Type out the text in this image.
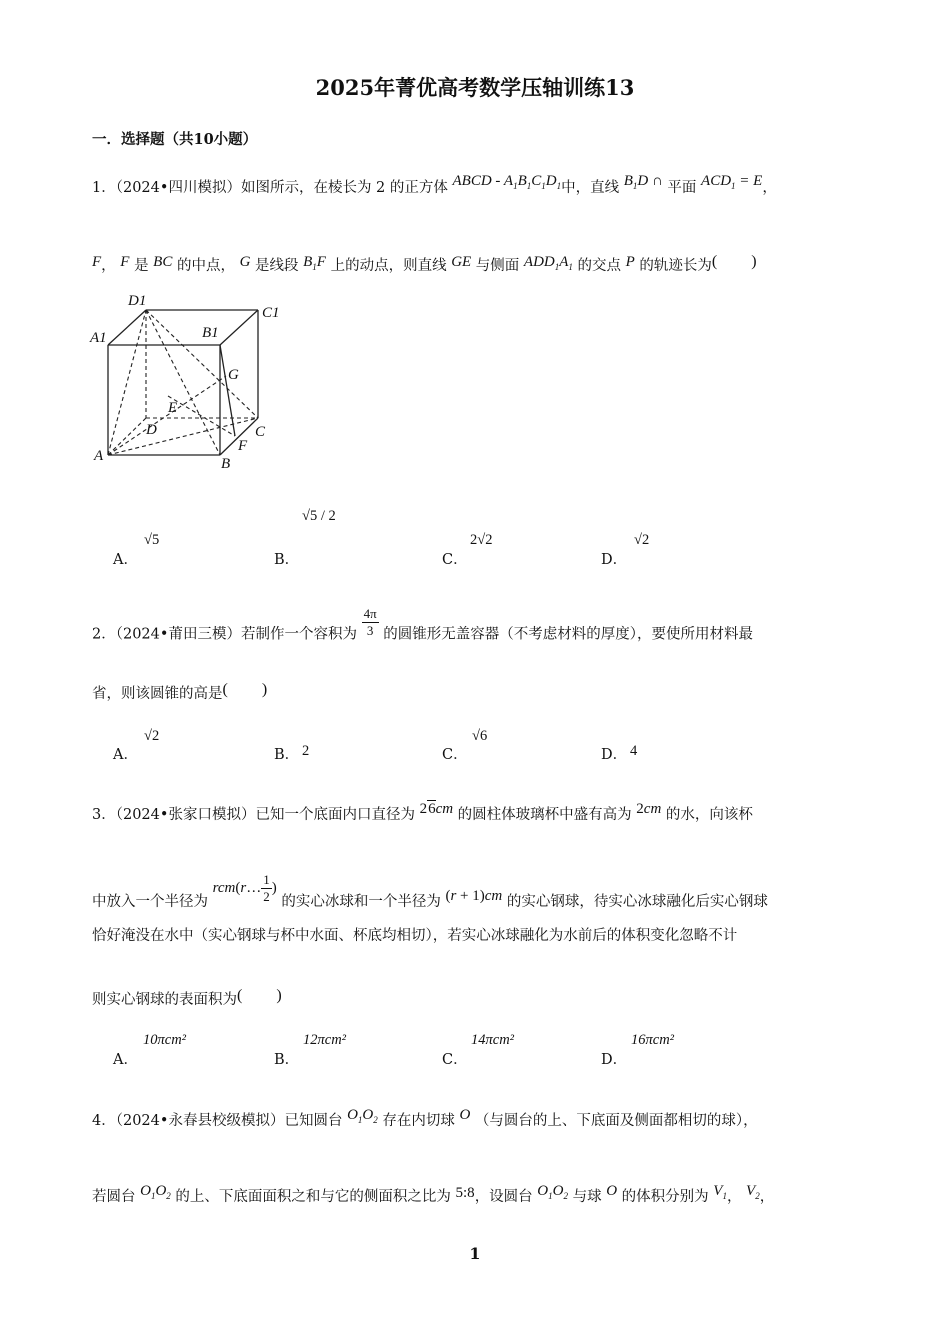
2025年菁优高考数学压轴训练13
一．选择题（共10小题）
1．（2024•四川模拟）如图所示，在棱长为 2 的正方体 ABCD - $A_1B_1C_1D_1$中，直线 $B_1D$ ∩ 平面 $ACD_1 = E$，
F， F 是 BC 的中点， G 是线段 $B_1F$ 上的动点，则直线 GE 与侧面 $ADD_1A_1$ 的交点 P 的轨迹长为( )
D1
C1
A1	B1
G
E
D	C
F
A	B
A．
√5
B．
√5 / 2
C．
2√2
D．
√2
2．（2024•莆田三模）若制作一个容积为 $\frac{4\pi}{3}$ 的圆锥形无盖容器（不考虑材料的厚度），要使所用材料最
省，则该圆锥的高是( )
A．
√2
B． 2	C．
√6
D． 4
3．（2024•张家口模拟）已知一个底面内口直径为 26cm 的圆柱体玻璃杯中盛有高为 2cm 的水，向该杯
中放入一个半径为 rcm(r… $\frac{1}{2}$ ) 的实心冰球和一个半径为 (r + 1)cm 的实心钢球，待实心冰球融化后实心钢球
恰好淹没在水中（实心钢球与杯中水面、杯底均相切），若实心冰球融化为水前后的体积变化忽略不计
则实心钢球的表面积为( )
A．
10πcm²
B．
12πcm²
C．
14πcm²
D．
16πcm²
4．（2024•永春县校级模拟）已知圆台 $O_1O_2$ 存在内切球 O （与圆台的上、下底面及侧面都相切的球），
若圆台 $O_1O_2$ 的上、下底面面积之和与它的侧面积之比为 5:8，设圆台 $O_1O_2$ 与球 O 的体积分别为 $V_1$， $V_2$，
1
